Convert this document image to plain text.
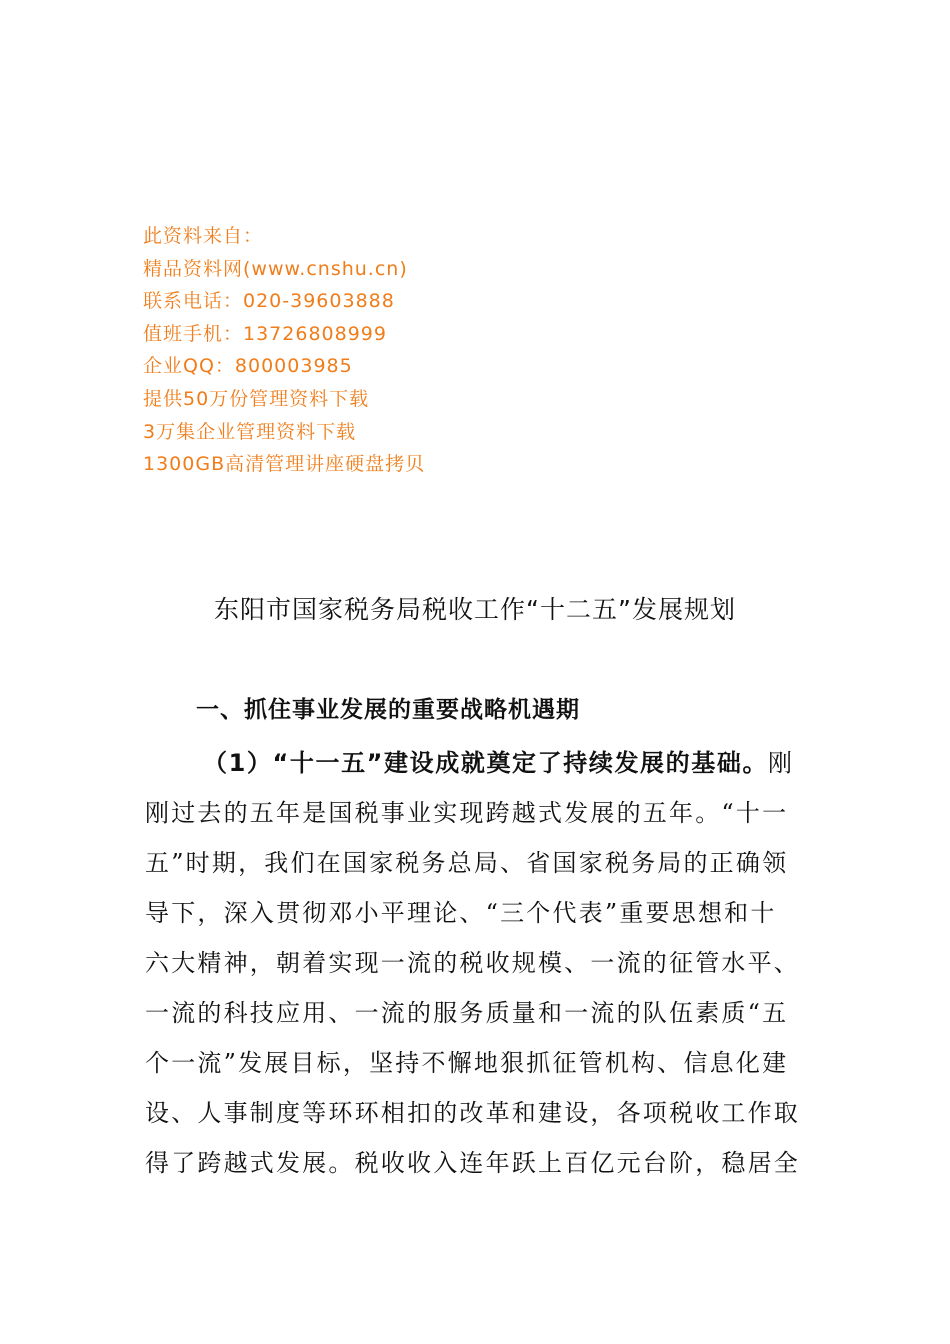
此资料来自：
精品资料网(www.cnshu.cn)
联系电话：020-39603888
值班手机：13726808999
企业QQ：800003985
提供50万份管理资料下载
3万集企业管理资料下载
1300GB高清管理讲座硬盘拷贝
东阳市国家税务局税收工作“十二五”发展规划
一、抓住事业发展的重要战略机遇期
（1）“十一五”建设成就奠定了持续发展的基础。刚
刚过去的五年是国税事业实现跨越式发展的五年。“十一
五”时期，我们在国家税务总局、省国家税务局的正确领
导下，深入贯彻邓小平理论、“三个代表”重要思想和十
六大精神，朝着实现一流的税收规模、一流的征管水平、
一流的科技应用、一流的服务质量和一流的队伍素质“五
个一流”发展目标，坚持不懈地狠抓征管机构、信息化建
设、人事制度等环环相扣的改革和建设，各项税收工作取
得了跨越式发展。税收收入连年跃上百亿元台阶，稳居全
